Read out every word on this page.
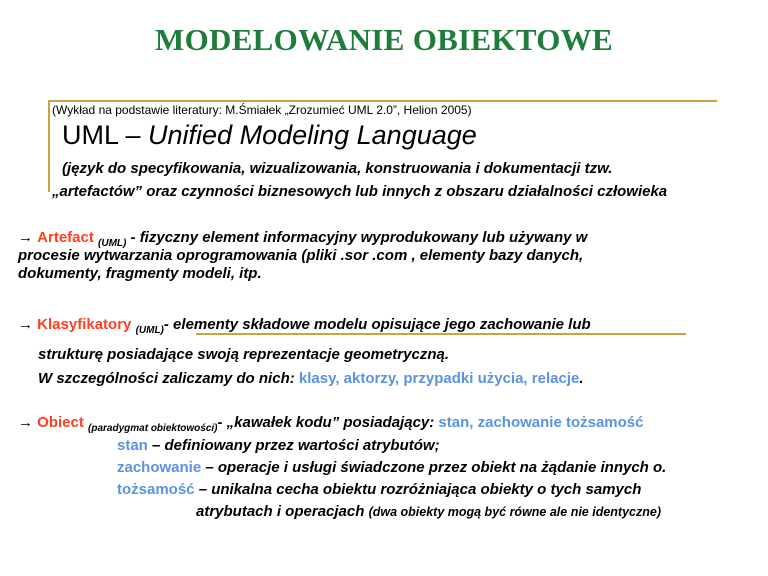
MODELOWANIE OBIEKTOWE
(Wykład na podstawie literatury: M.Śmiałek „Zrozumieć UML 2.0”, Helion 2005)
UML – Unified Modeling Language
(język do specyfikowania, wizualizowania, konstruowania i dokumentacji tzw.
„artefactów” oraz czynności biznesowych lub innych z obszaru działalności człowieka
→ Artefact $_{(UML)}$ - fizyczny element informacyjny wyprodukowany lub używany w
procesie wytwarzania oprogramowania (pliki .sor .com , elementy bazy danych,
dokumenty, fragmenty modeli, itp.
→ Klasyfikatory $_{(UML)}$- elementy składowe modelu opisujące jego zachowanie lub
strukturę posiadające swoją reprezentacje geometryczną.
W szczególności zaliczamy do nich: klasy, aktorzy, przypadki użycia, relacje.
→ Obiect $_{(paradygmat obiektowości)}$- „kawałek kodu” posiadający: stan, zachowanie tożsamość
stan – definiowany przez wartości atrybutów;
zachowanie – operacje i usługi świadczone przez obiekt na żądanie innych o.
tożsamość – unikalna cecha obiektu rozróżniająca obiekty o tych samych
atrybutach i operacjach (dwa obiekty mogą być równe ale nie identyczne)
